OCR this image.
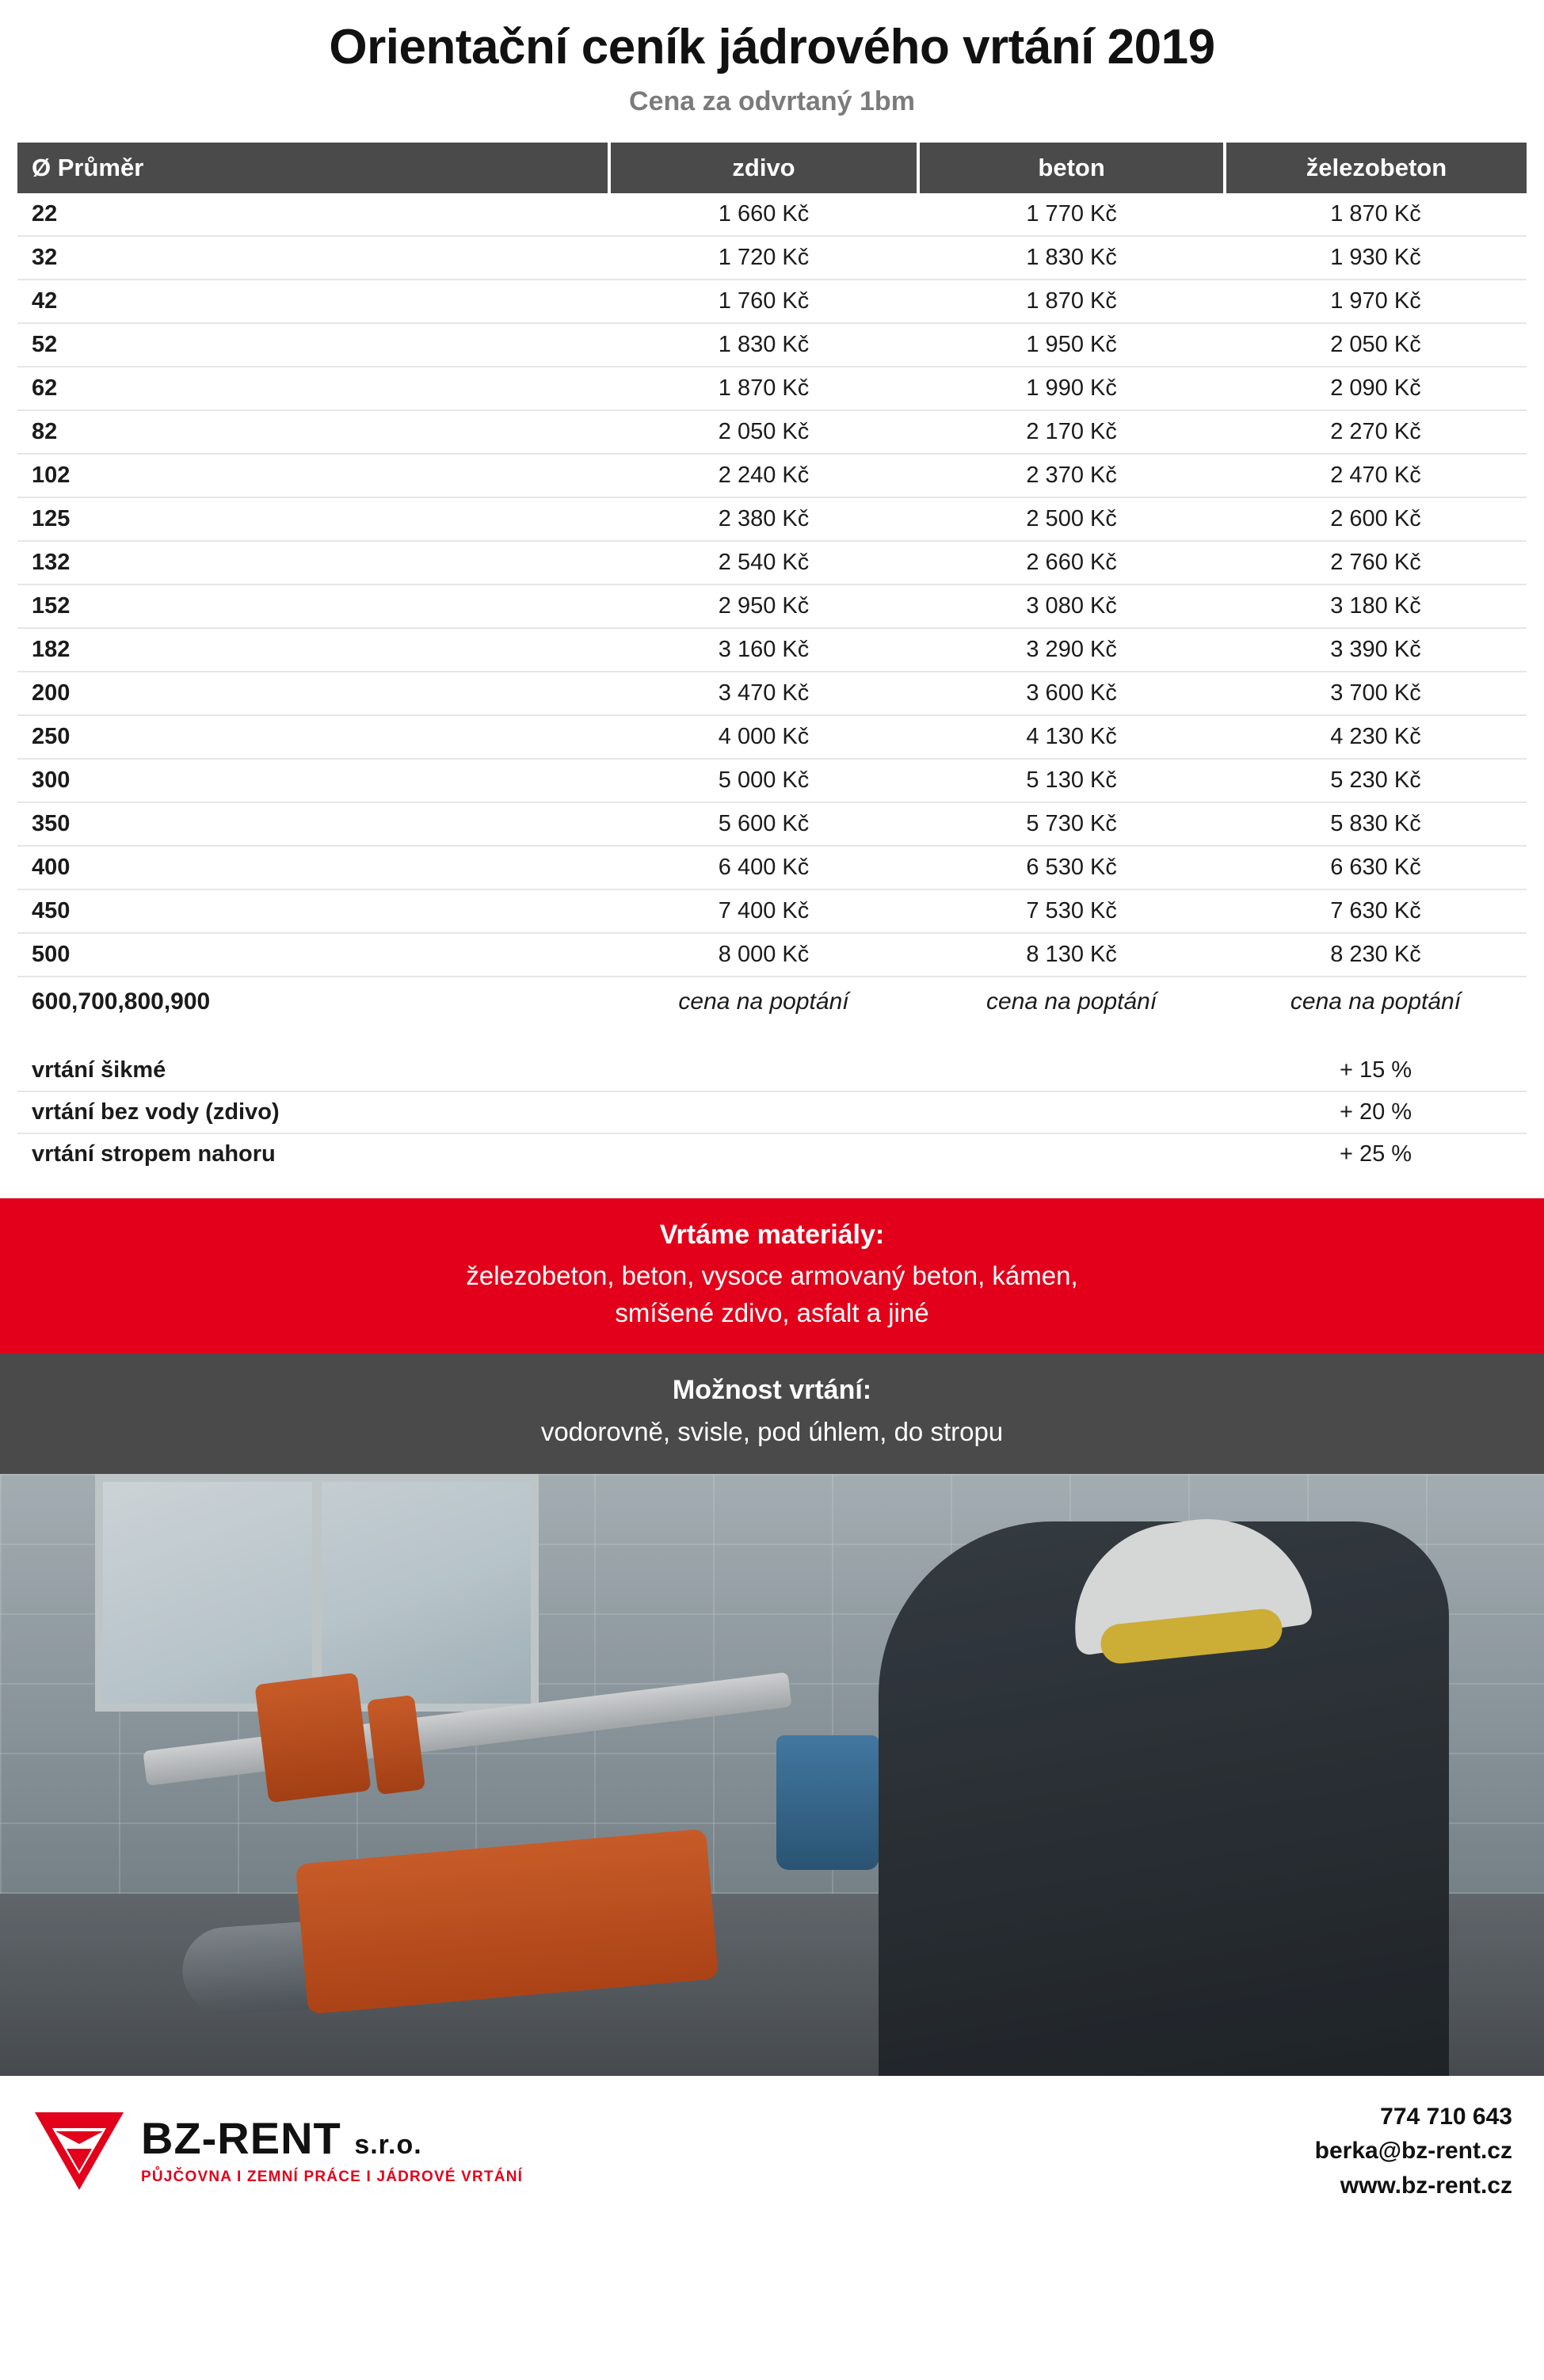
Orientační ceník jádrového vrtání 2019
Cena za odvrtaný 1bm
Ø Průměr	zdivo	beton	železobeton
22	1 660 Kč	1 770 Kč	1 870 Kč
32	1 720 Kč	1 830 Kč	1 930 Kč
42	1 760 Kč	1 870 Kč	1 970 Kč
52	1 830 Kč	1 950 Kč	2 050 Kč
62	1 870 Kč	1 990 Kč	2 090 Kč
82	2 050 Kč	2 170 Kč	2 270 Kč
102	2 240 Kč	2 370 Kč	2 470 Kč
125	2 380 Kč	2 500 Kč	2 600 Kč
132	2 540 Kč	2 660 Kč	2 760 Kč
152	2 950 Kč	3 080 Kč	3 180 Kč
182	3 160 Kč	3 290 Kč	3 390 Kč
200	3 470 Kč	3 600 Kč	3 700 Kč
250	4 000 Kč	4 130 Kč	4 230 Kč
300	5 000 Kč	5 130 Kč	5 230 Kč
350	5 600 Kč	5 730 Kč	5 830 Kč
400	6 400 Kč	6 530 Kč	6 630 Kč
450	7 400 Kč	7 530 Kč	7 630 Kč
500	8 000 Kč	8 130 Kč	8 230 Kč
600,700,800,900	cena na poptání	cena na poptání	cena na poptání
vrtání šikmé	+ 15 %
vrtání bez vody (zdivo)	+ 20 %
vrtání stropem nahoru	+ 25 %
Vrtáme materiály:
železobeton, beton, vysoce armovaný beton, kámen,
smíšené zdivo, asfalt a jiné
Možnost vrtání:
vodorovně, svisle, pod úhlem, do stropu
BZ-RENT s.r.o.
PŮJČOVNA I ZEMNÍ PRÁCE I JÁDROVÉ VRTÁNÍ
774 710 643
berka@bz-rent.cz
www.bz-rent.cz
